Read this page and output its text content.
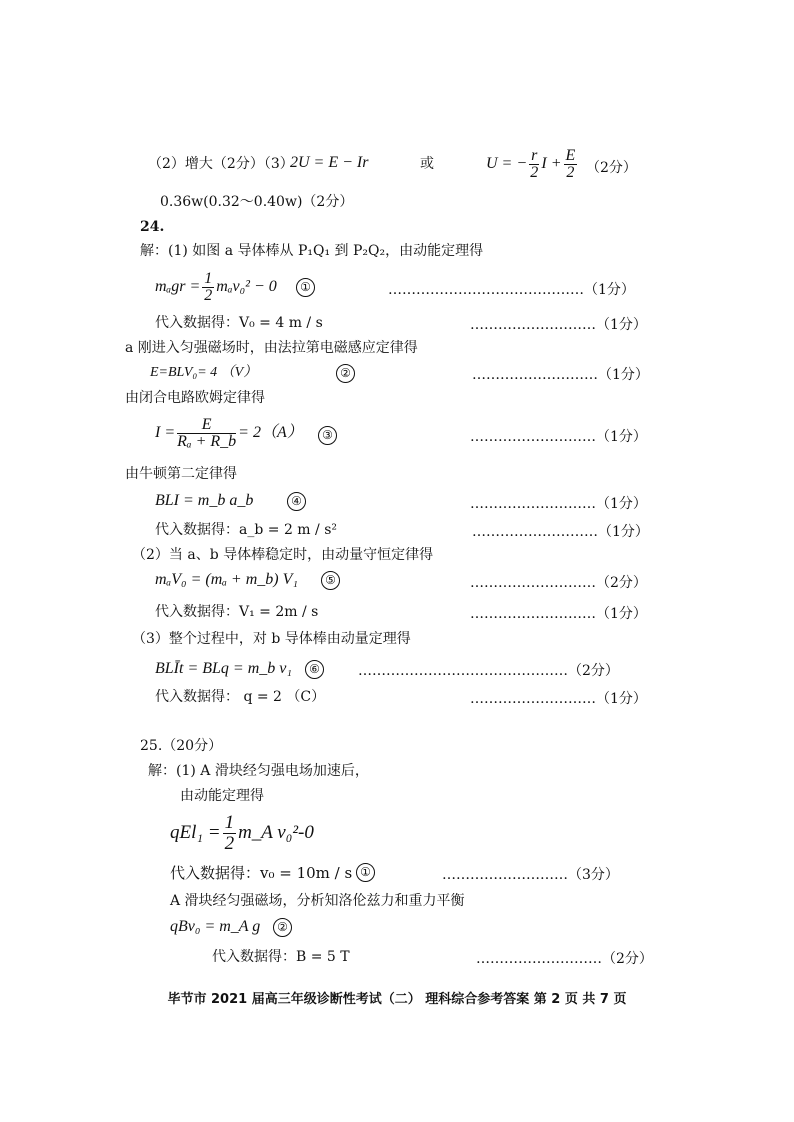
（2）增大（2分）（3）
2U = E − Ir	或	U = − $\frac{r}{2}$ $I + \frac{E}{2} (2$分）
0.36w(0.32～0.40w)（2分）
24.
解：(1) 如图 a 导体棒从 P₁Q₁ 到 P₂Q₂，由动能定理得
$m_agr = \frac{1}{2} m_av_0^2 - 0$	①	……………………………………（1分）
代入数据得：V₀ = 4 m / s	………………………（1分）
a 刚进入匀强磁场时，由法拉第电磁感应定律得
E=BLV₀= 4 （V）	②	………………………（1分）
由闭合电路欧姆定律得
$I = \frac{E}{\text{Rₐ + R\_b}} = 2(A)$	③	………………………（1分）
由牛顿第二定律得
BLI = m_b a_b	④	………………………（1分）
代入数据得：a_b = 2 m / s²	………………………（1分）
（2）当 a、b 导体棒稳定时，由动量守恒定律得
mₐV₀ = (mₐ + m_b) V₁	⑤	………………………（2分）
代入数据得：V₁ = 2m / s	………………………（1分）
（3）整个过程中，对 b 导体棒由动量定理得
BLĪt = BLq = m_b v₁	⑥	………………………………………（2分）
代入数据得： q = 2 （C）	………………………（1分）
25.（20分）
解：(1) A 滑块经匀强电场加速后，
由动能定理得
$qEl_1 = \frac{1}{2}$ m_A v₀²-0
代入数据得：v₀ = 10m / s ①	………………………（3分）
A 滑块经匀强磁场，分析知洛伦兹力和重力平衡
qBv₀ = m_A g	②
代入数据得：B = 5 T	………………………（2分）
毕节市 2021 届高三年级诊断性考试（二） 理科综合参考答案 第 2 页 共 7 页
